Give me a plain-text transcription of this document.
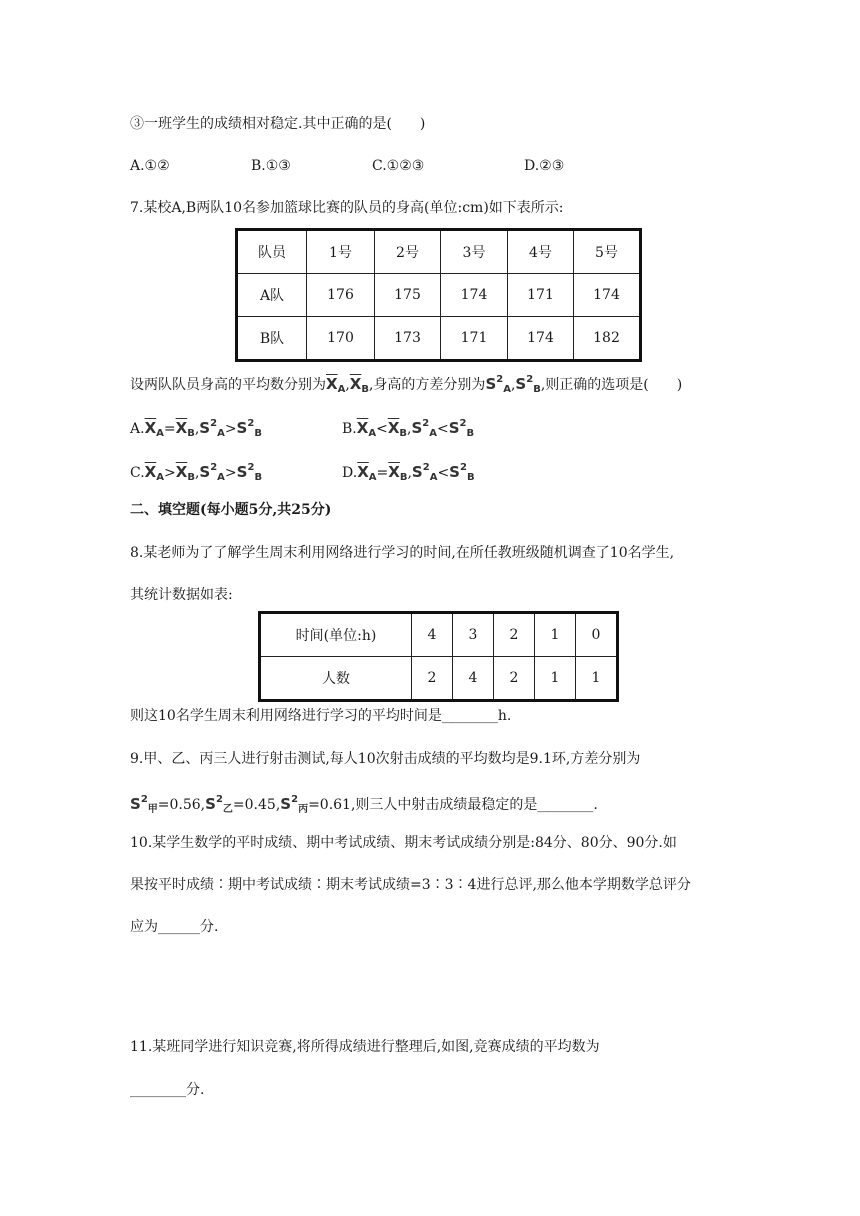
③一班学生的成绩相对稳定.其中正确的是(　　)
A.①②	B.①③	C.①②③	D.②③
7.某校A,B两队10名参加篮球比赛的队员的身高(单位:cm)如下表所示:
队员	1号	2号	3号	4号	5号
A队	176	175	174	171	174
B队	170	173	171	174	182
设两队队员身高的平均数分别为$\overline{X}_A,\overline{X}_B$,身高的方差分别为$S^2_A,S^2_B$,则正确的选项是(　　)
$A.\overline{X}_A=\overline{X}_B,S^2_A>S^2_B$	$B.\overline{X}_A<\overline{X}_B,S^2_A<S^2_B$
$C.\overline{X}_A>\overline{X}_B,S^2_A>S^2_B$	$D.\overline{X}_A=\overline{X}_B,S^2_A<S^2_B$
二、填空题(每小题5分,共25分)
8.某老师为了了解学生周末利用网络进行学习的时间,在所任教班级随机调查了10名学生,
其统计数据如表:
时间(单位:h)	4	3	2	1	0
人数	2	4	2	1	1
则这10名学生周末利用网络进行学习的平均时间是________h.
9.甲、乙、丙三人进行射击测试,每人10次射击成绩的平均数均是9.1环,方差分别为
$S^2_甲=0.56,S^2_乙=0.45,S^2_丙=0.61$,则三人中射击成绩最稳定的是________.
10.某学生数学的平时成绩、期中考试成绩、期末考试成绩分别是:84分、80分、90分.如
果按平时成绩∶期中考试成绩∶期末考试成绩=3∶3∶4进行总评,那么他本学期数学总评分
应为______分.
11.某班同学进行知识竞赛,将所得成绩进行整理后,如图,竞赛成绩的平均数为
________分.
